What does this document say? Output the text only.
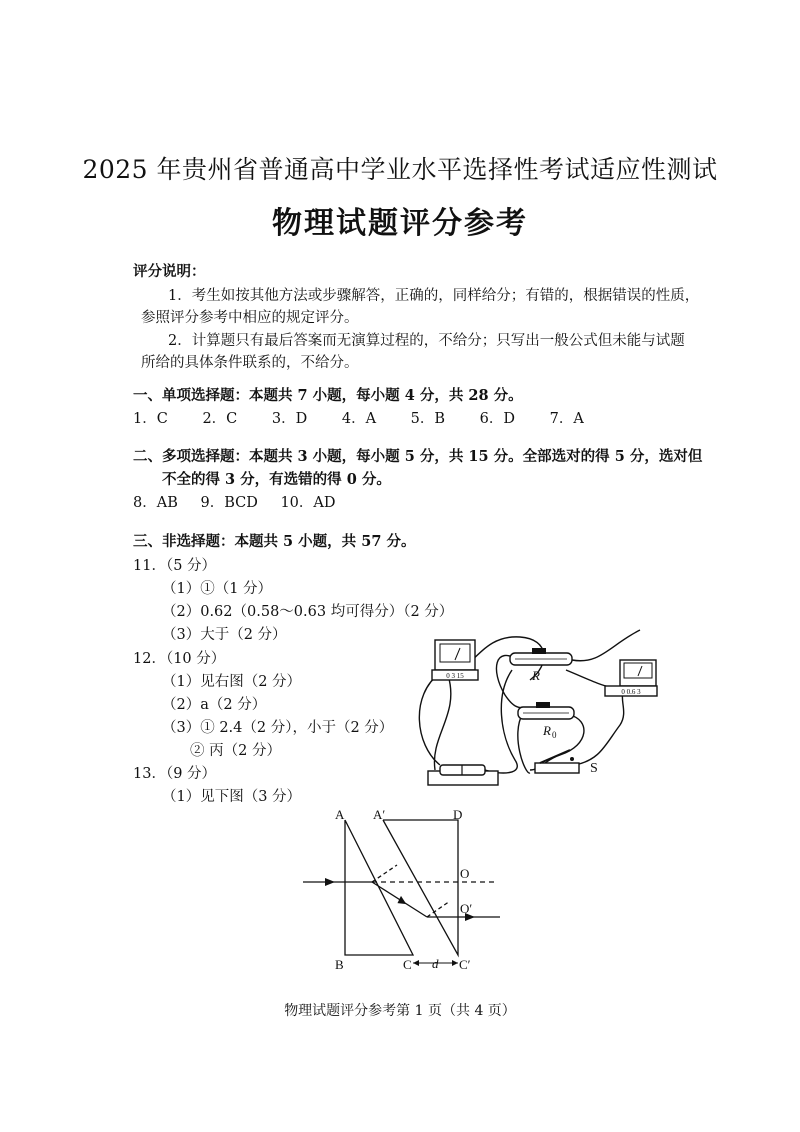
2025 年贵州省普通高中学业水平选择性考试适应性测试
物理试题评分参考
评分说明：
1．考生如按其他方法或步骤解答，正确的，同样给分；有错的，根据错误的性质，
参照评分参考中相应的规定评分。
2．计算题只有最后答案而无演算过程的，不给分；只写出一般公式但未能与试题
所给的具体条件联系的，不给分。
一、单项选择题：本题共 7 小题，每小题 4 分，共 28 分。
1．C 2．C 3．D 4．A 5．B 6．D 7．A
二、多项选择题：本题共 3 小题，每小题 5 分，共 15 分。全部选对的得 5 分，选对但
不全的得 3 分，有选错的得 0 分。
8．AB 9．BCD 10．AD
三、非选择题：本题共 5 小题，共 57 分。
11．（5 分）
（1）①（1 分）
（2）0.62（0.58～0.63 均可得分）（2 分）
（3）大于（2 分）
12．（10 分）
（1）见右图（2 分）
（2）a（2 分）
（3）① 2.4（2 分），小于（2 分）
② 丙（2 分）
13．（9 分）
（1）见下图（3 分）
0 3 15	R
0 0.6 3
R 0
S
A A′	D
O
O′
B	C	C′
d
物理试题评分参考第 1 页（共 4 页）
